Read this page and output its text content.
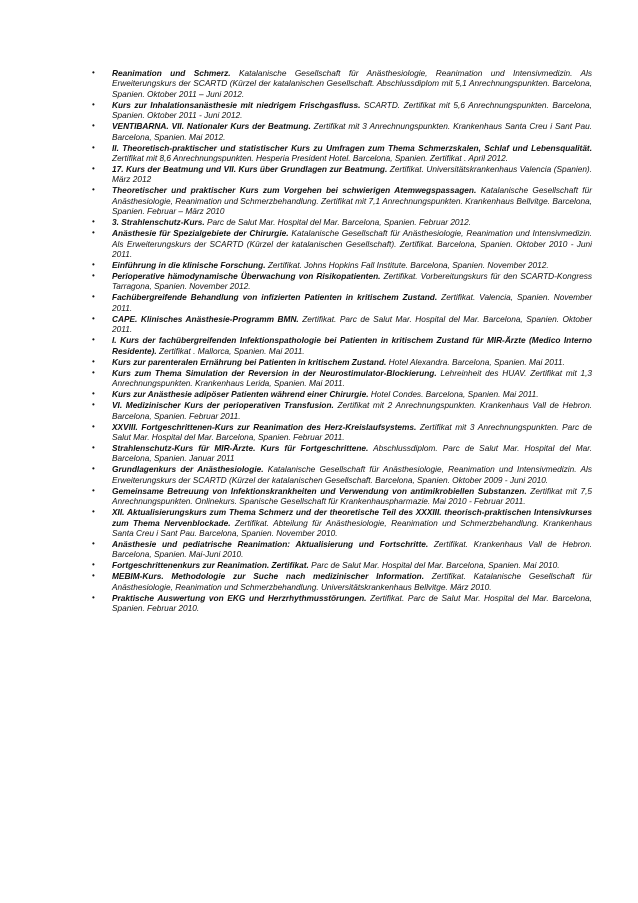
• Reanimation und Schmerz. Katalanische Gesellschaft für Anästhesiologie, Reanimation und Intensivmedizin. Als Erweiterungskurs der SCARTD (Kürzel der katalanischen Gesellschaft. Abschlussdiplom mit 5,1 Anrechnungspunkten. Barcelona, Spanien. Oktober 2011 – Juni 2012.
• Kurs zur Inhalationsanästhesie mit niedrigem Frischgasfluss. SCARTD. Zertifikat mit 5,6 Anrechnungspunkten. Barcelona, Spanien. Oktober 2011 - Juni 2012.
• VENTIBARNA. VII. Nationaler Kurs der Beatmung. Zertifikat mit 3 Anrechnungspunkten. Krankenhaus Santa Creu i Sant Pau. Barcelona, Spanien. Mai 2012.
• II. Theoretisch-praktischer und statistischer Kurs zu Umfragen zum Thema Schmerzskalen, Schlaf und Lebensqualität. Zertifikat mit 8,6 Anrechnungspunkten. Hesperia President Hotel. Barcelona, Spanien. Zertifikat . April 2012.
• 17. Kurs der Beatmung und VII. Kurs über Grundlagen zur Beatmung. Zertifikat. Universitätskrankenhaus Valencia (Spanien). März 2012
• Theoretischer und praktischer Kurs zum Vorgehen bei schwierigen Atemwegspassagen. Katalanische Gesellschaft für Anästhesiologie, Reanimation und Schmerzbehandlung. Zertifikat mit 7,1 Anrechnungspunkten. Krankenhaus Bellvitge. Barcelona, Spanien. Februar – März 2010
• 3. Strahlenschutz-Kurs. Parc de Salut Mar. Hospital del Mar. Barcelona, Spanien. Februar 2012.
• Anästhesie für Spezialgebiete der Chirurgie. Katalanische Gesellschaft für Anästhesiologie, Reanimation und Intensivmedizin. Als Erweiterungskurs der SCARTD (Kürzel der katalanischen Gesellschaft). Zertifikat. Barcelona, Spanien. Oktober 2010 - Juni 2011.
• Einführung in die klinische Forschung. Zertifikat. Johns Hopkins Fall Institute. Barcelona, Spanien. November 2012.
• Perioperative hämodynamische Überwachung von Risikopatienten. Zertifikat. Vorbereitungskurs für den SCARTD-Kongress Tarragona, Spanien. November 2012.
• Fachübergreifende Behandlung von infizierten Patienten in kritischem Zustand. Zertifikat. Valencia, Spanien. November 2011.
• CAPE. Klinisches Anästhesie-Programm BMN. Zertifikat. Parc de Salut Mar. Hospital del Mar. Barcelona, Spanien. Oktober 2011.
• I. Kurs der fachübergreifenden Infektionspathologie bei Patienten in kritischem Zustand für MIR-Ärzte (Medico Interno Residente). Zertifikat . Mallorca, Spanien. Mai 2011.
• Kurs zur parenteralen Ernährung bei Patienten in kritischem Zustand. Hotel Alexandra. Barcelona, Spanien. Mai 2011.
• Kurs zum Thema Simulation der Reversion in der Neurostimulator-Blockierung. Lehreinheit des HUAV. Zertifikat mit 1,3 Anrechnungspunkten. Krankenhaus Lerida, Spanien. Mai 2011.
• Kurs zur Anästhesie adipöser Patienten während einer Chirurgie. Hotel Condes. Barcelona, Spanien. Mai 2011.
• VI. Medizinischer Kurs der perioperativen Transfusion. Zertifikat mit 2 Anrechnungspunkten. Krankenhaus Vall de Hebron. Barcelona, Spanien. Februar 2011.
• XXVIII. Fortgeschrittenen-Kurs zur Reanimation des Herz-Kreislaufsystems. Zertifikat mit 3 Anrechnungspunkten. Parc de Salut Mar. Hospital del Mar. Barcelona, Spanien. Februar 2011.
• Strahlenschutz-Kurs für MIR-Ärzte. Kurs für Fortgeschrittene. Abschlussdiplom. Parc de Salut Mar. Hospital del Mar. Barcelona, Spanien. Januar 2011
• Grundlagenkurs der Anästhesiologie. Katalanische Gesellschaft für Anästhesiologie, Reanimation und Intensivmedizin. Als Erweiterungskurs der SCARTD (Kürzel der katalanischen Gesellschaft. Barcelona, Spanien. Oktober 2009 - Juni 2010.
• Gemeinsame Betreuung von Infektionskrankheiten und Verwendung von antimikrobiellen Substanzen. Zertifikat mit 7,5 Anrechnungspunkten. Onlinekurs. Spanische Gesellschaft für Krankenhauspharmazie. Mai 2010 - Februar 2011.
• XII. Aktualisierungskurs zum Thema Schmerz und der theoretische Teil des XXXIII. theorisch-praktischen Intensivkurses zum Thema Nervenblockade. Zertifikat. Abteilung für Anästhesiologie, Reanimation und Schmerzbehandlung. Krankenhaus Santa Creu i Sant Pau. Barcelona, Spanien. November 2010.
• Anästhesie und pediatrische Reanimation: Aktualisierung und Fortschritte. Zertifikat. Krankenhaus Vall de Hebron. Barcelona, Spanien. Mai-Juni 2010.
• Fortgeschrittenenkurs zur Reanimation. Zertifikat. Parc de Salut Mar. Hospital del Mar. Barcelona, Spanien. Mai 2010.
• MEBIM-Kurs. Methodologie zur Suche nach medizinischer Information. Zertifikat. Katalanische Gesellschaft für Anästhesiologie, Reanimation und Schmerzbehandlung. Universitätskrankenhaus Bellvitge. März 2010.
• Praktische Auswertung von EKG und Herzrhythmusstörungen. Zertifikat. Parc de Salut Mar. Hospital del Mar. Barcelona, Spanien. Februar 2010.
